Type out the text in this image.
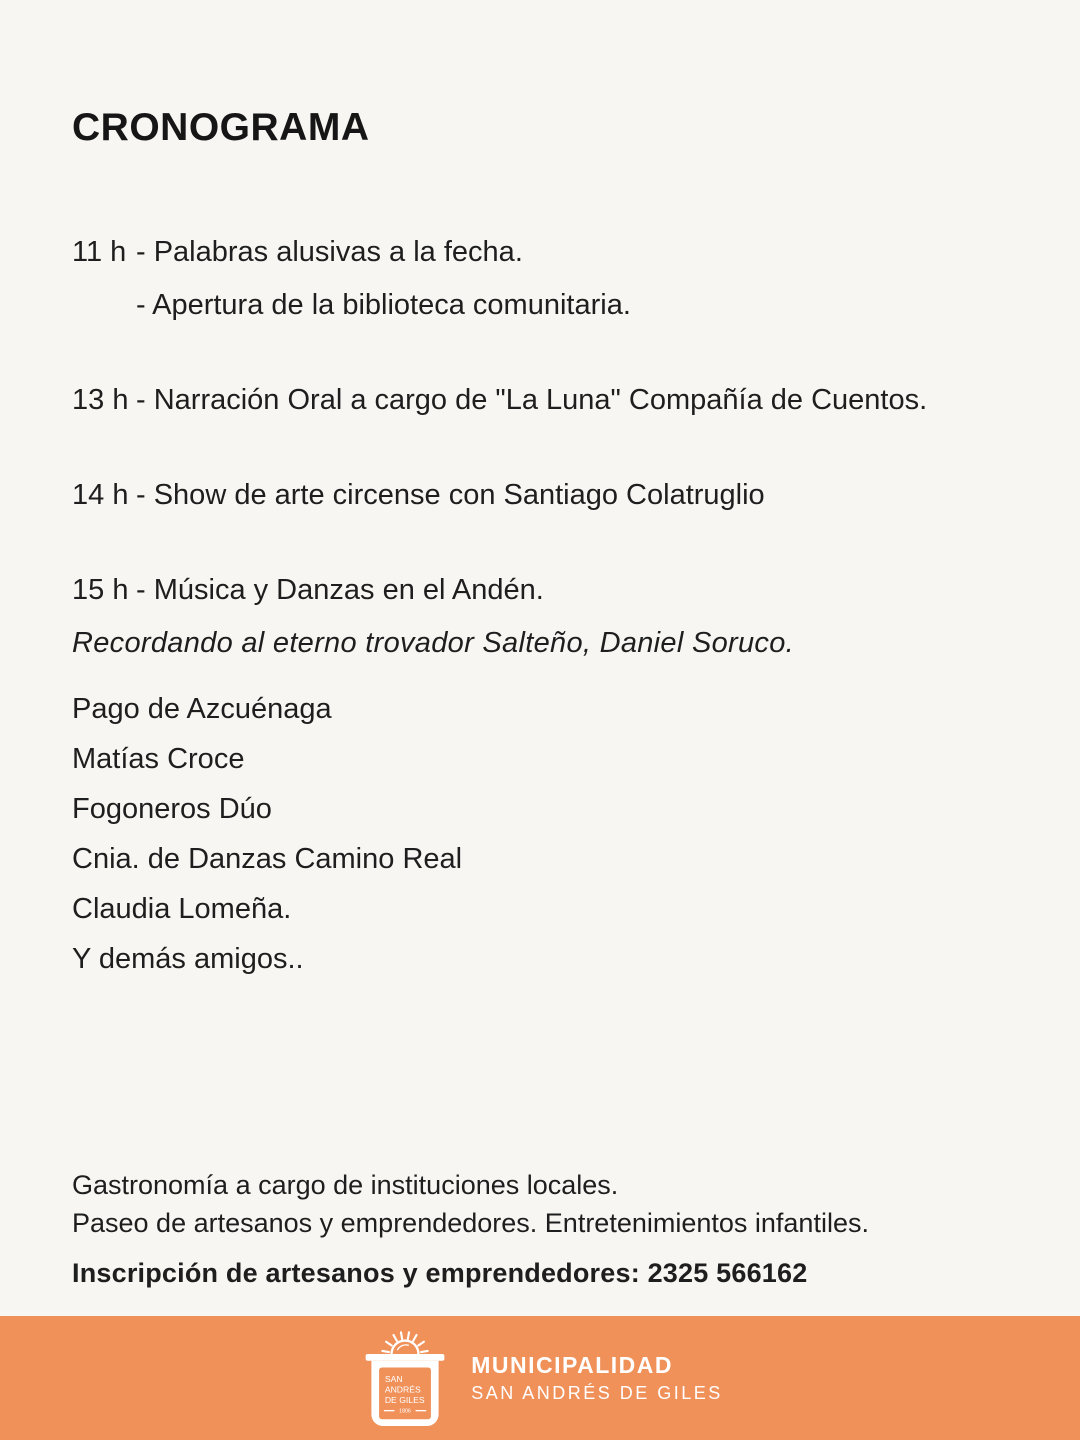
CRONOGRAMA
11 h - Palabras alusivas a la fecha.

- Apertura de la biblioteca comunitaria.

13 h - Narración Oral a cargo de "La Luna" Compañía de Cuentos.

14 h - Show de arte circense con Santiago Colatruglio

15 h - Música y Danzas en el Andén.

Recordando al eterno trovador Salteño, Daniel Soruco.

Pago de Azcuénaga

Matías Croce

Fogoneros Dúo

Cnia. de Danzas Camino Real

Claudia Lomeña.

Y demás amigos..

Gastronomía a cargo de instituciones locales.

Paseo de artesanos y emprendedores. Entretenimientos infantiles.

Inscripción de artesanos y emprendedores: 2325 566162

SAN
ANDRÉS
DE GILES
1806
MUNICIPALIDAD
SAN ANDRÉS DE GILES
